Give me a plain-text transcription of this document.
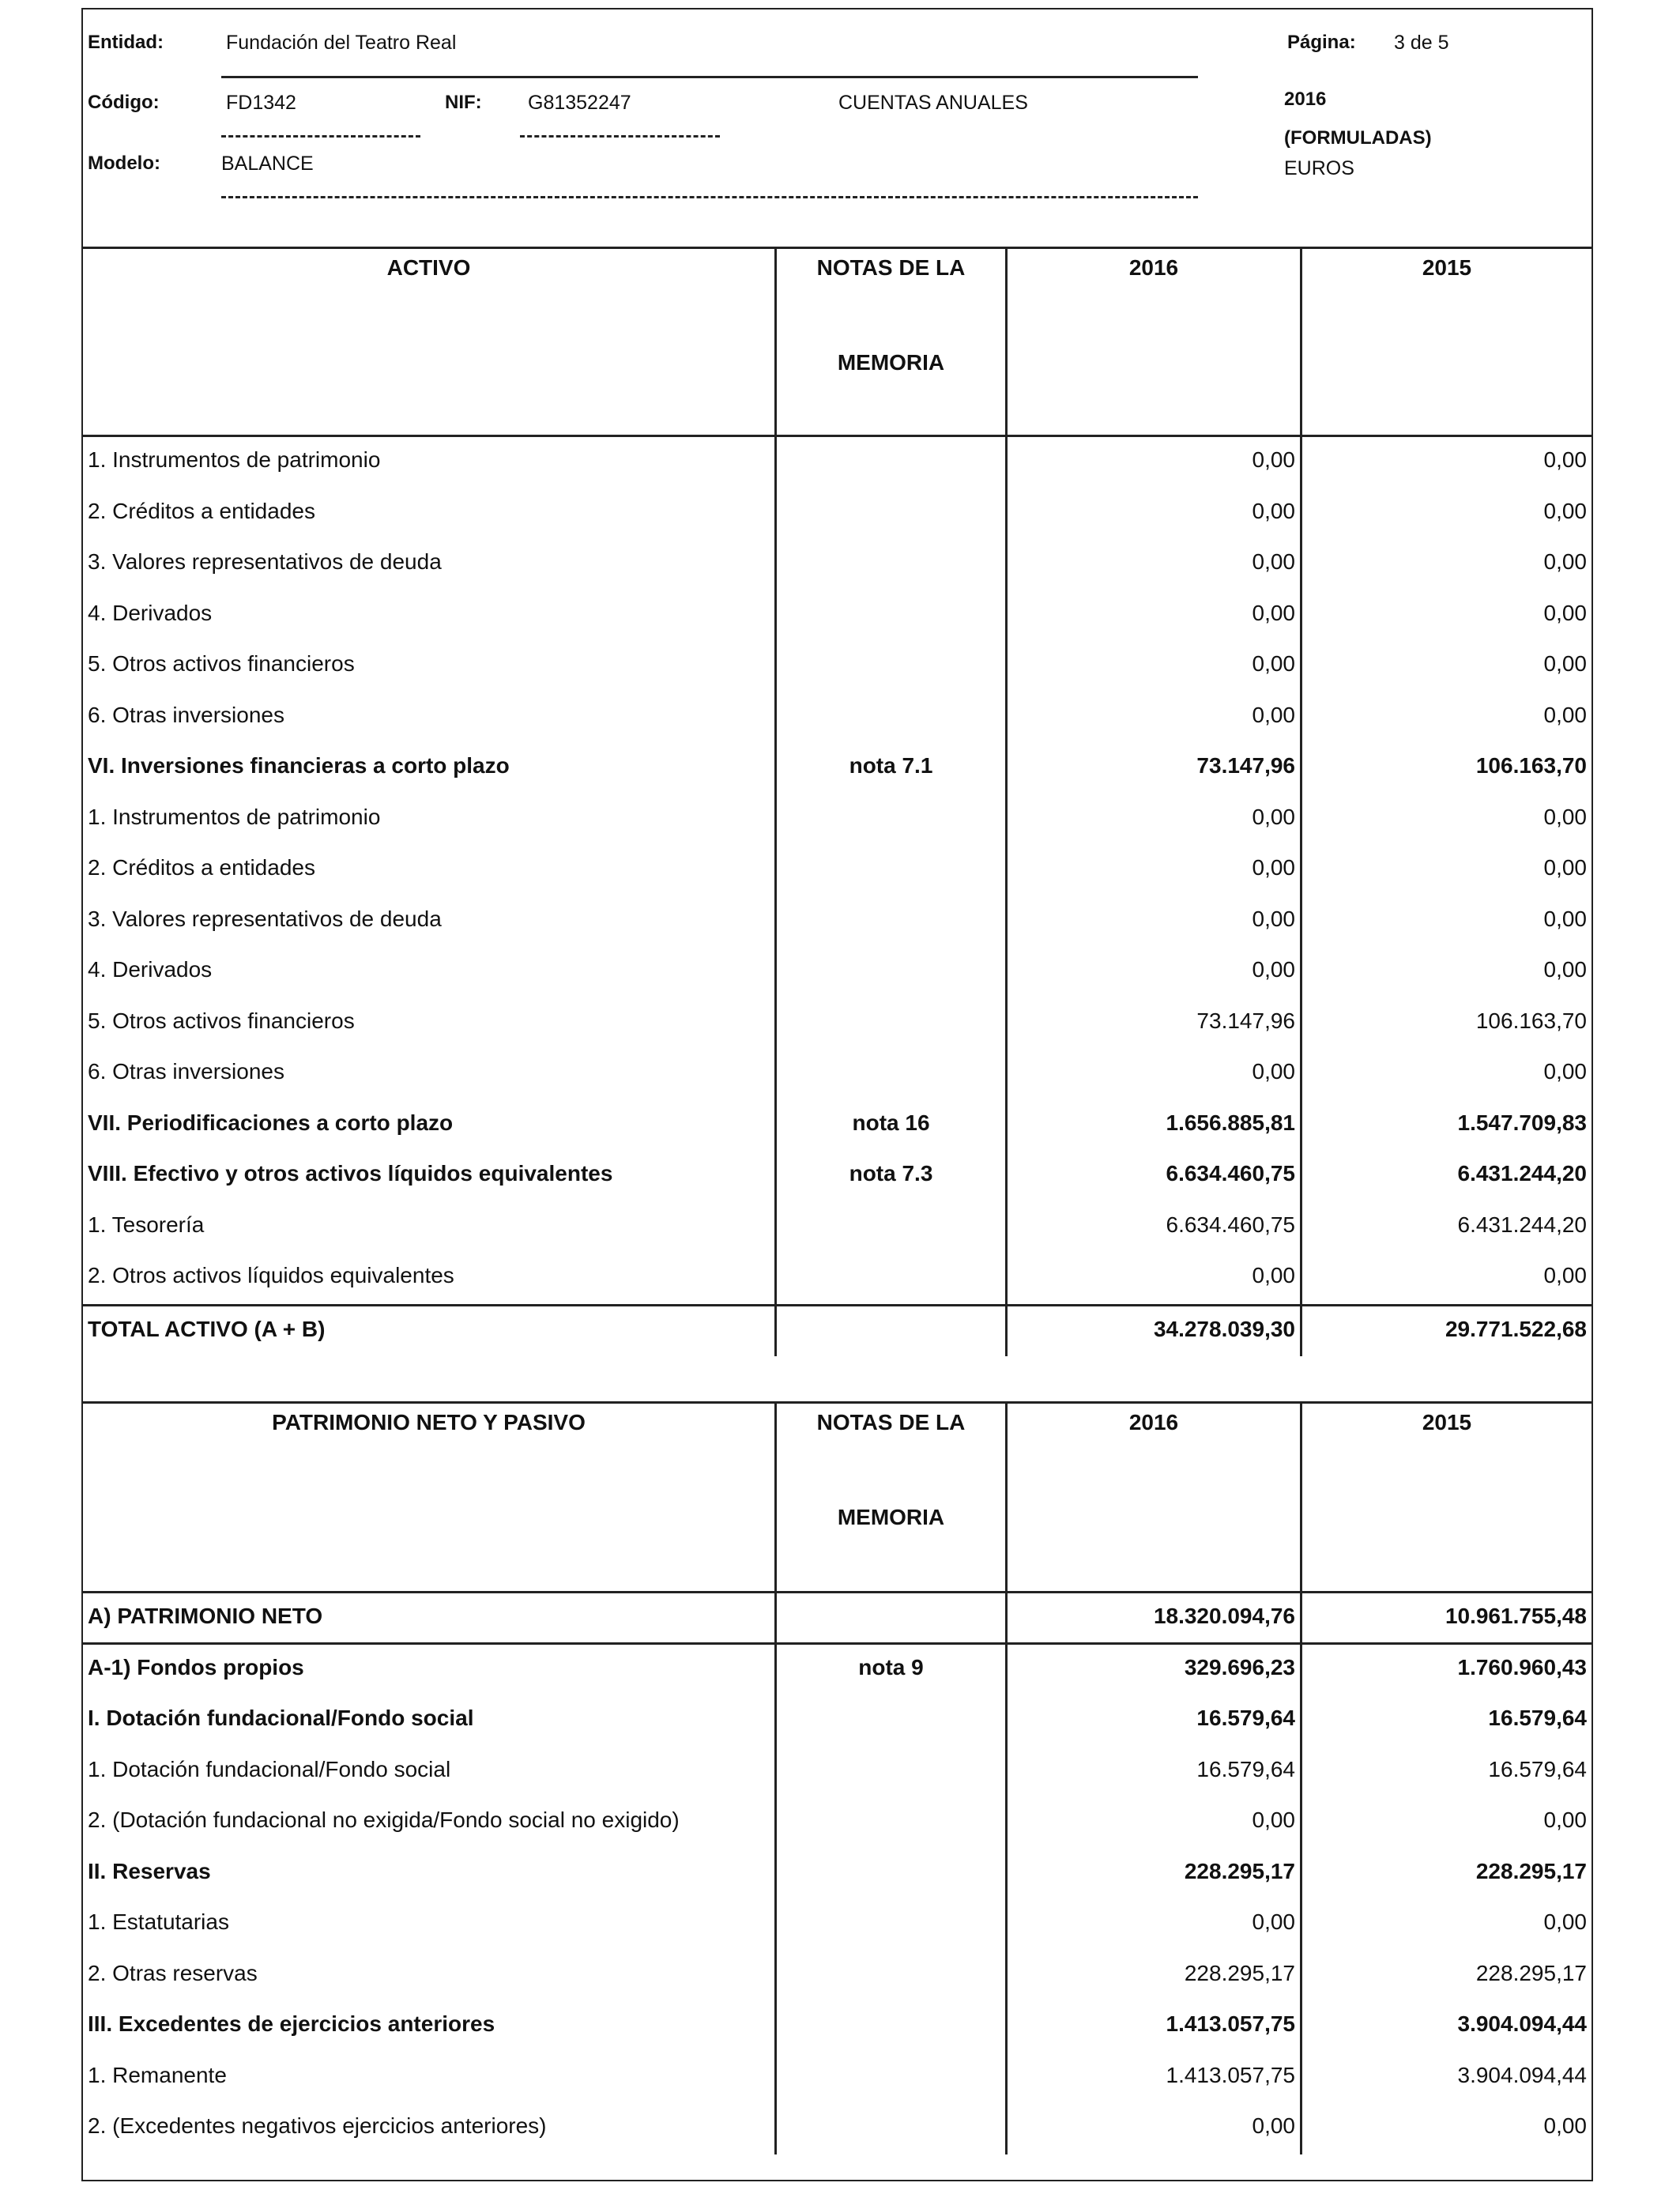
Entidad:	Fundación del Teatro Real	Página: 3 de 5
Código:	FD1342	NIF: G81352247	CUENTAS ANUALES	2016
(FORMULADAS)
BALANCE
Modelo:	EUROS
ACTIVO	NOTAS DE LA
MEMORIA
2016	2015
1. Instrumentos de patrimonio	0,00	0,00
2. Créditos a entidades	0,00	0,00
3. Valores representativos de deuda	0,00	0,00
4. Derivados	0,00	0,00
5. Otros activos financieros	0,00	0,00
6. Otras inversiones	0,00	0,00
VI. Inversiones financieras a corto plazo	nota 7.1	73.147,96	106.163,70
1. Instrumentos de patrimonio	0,00	0,00
2. Créditos a entidades	0,00	0,00
3. Valores representativos de deuda	0,00	0,00
4. Derivados	0,00	0,00
5. Otros activos financieros	73.147,96	106.163,70
6. Otras inversiones	0,00	0,00
VII. Periodificaciones a corto plazo	nota 16	1.656.885,81	1.547.709,83
VIII. Efectivo y otros activos líquidos equivalentes	nota 7.3	6.634.460,75	6.431.244,20
1. Tesorería	6.634.460,75	6.431.244,20
2. Otros activos líquidos equivalentes	0,00	0,00
TOTAL ACTIVO (A + B)	34.278.039,30	29.771.522,68
PATRIMONIO NETO Y PASIVO	NOTAS DE LA
MEMORIA
2016	2015
A) PATRIMONIO NETO	18.320.094,76	10.961.755,48
A-1) Fondos propios	nota 9	329.696,23	1.760.960,43
I. Dotación fundacional/Fondo social	16.579,64	16.579,64
1. Dotación fundacional/Fondo social	16.579,64	16.579,64
2. (Dotación fundacional no exigida/Fondo social no exigido)	0,00	0,00
II. Reservas	228.295,17	228.295,17
1. Estatutarias	0,00	0,00
2. Otras reservas	228.295,17	228.295,17
III. Excedentes de ejercicios anteriores	1.413.057,75	3.904.094,44
1. Remanente	1.413.057,75	3.904.094,44
2. (Excedentes negativos ejercicios anteriores)	0,00	0,00
